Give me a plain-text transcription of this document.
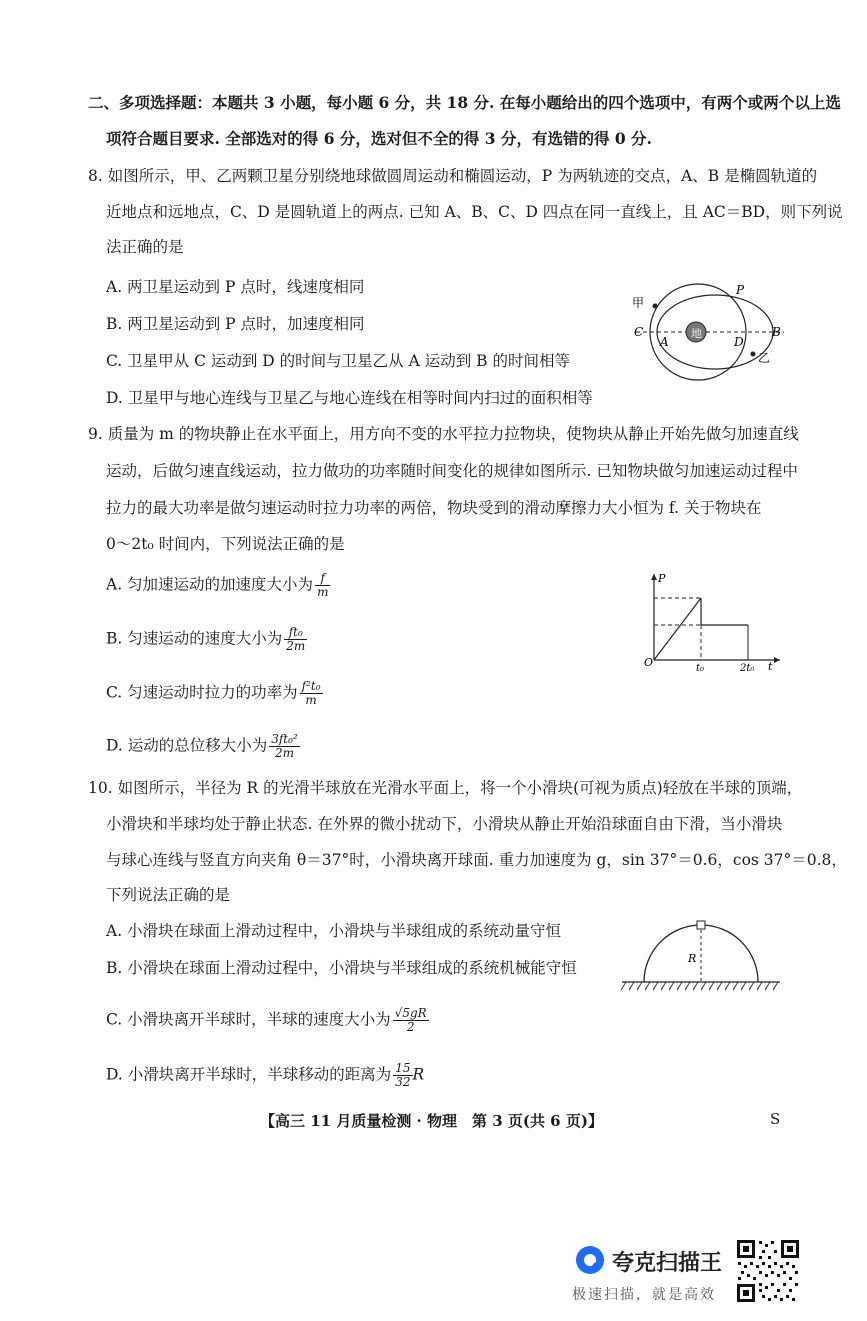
二、多项选择题：本题共 3 小题，每小题 6 分，共 18 分. 在每小题给出的四个选项中，有两个或两个以上选
项符合题目要求. 全部选对的得 6 分，选对但不全的得 3 分，有选错的得 0 分.
8. 如图所示，甲、乙两颗卫星分别绕地球做圆周运动和椭圆运动，P 为两轨迹的交点，A、B 是椭圆轨道的
近地点和远地点，C、D 是圆轨道上的两点. 已知 A、B、C、D 四点在同一直线上，且 AC＝BD，则下列说
法正确的是
A. 两卫星运动到 P 点时，线速度相同
B. 两卫星运动到 P 点时，加速度相同
C. 卫星甲从 C 运动到 D 的时间与卫星乙从 A 运动到 B 的时间相等
D. 卫星甲与地心连线与卫星乙与地心连线在相等时间内扫过的面积相等
地
甲
乙
P
C
A	D
B
9. 质量为 m 的物块静止在水平面上，用方向不变的水平拉力拉物块，使物块从静止开始先做匀加速直线
运动，后做匀速直线运动，拉力做功的功率随时间变化的规律如图所示. 已知物块做匀加速运动过程中
拉力的最大功率是做匀速运动时拉力功率的两倍，物块受到的滑动摩擦力大小恒为 f. 关于物块在
0～2t₀ 时间内，下列说法正确的是
A. 匀加速运动的加速度大小为 $\frac{f}{m}$
B. 匀速运动的速度大小为 $\frac{\text{ft₀}}{2m}$
C. 匀速运动时拉力的功率为 $\frac{\text{f²t₀}}{m}$
D. 运动的总位移大小为 $\frac{\text{3ft₀²}}{2m}$
P
O	t₀	2t₀ t
10. 如图所示，半径为 R 的光滑半球放在光滑水平面上，将一个小滑块(可视为质点)轻放在半球的顶端，
小滑块和半球均处于静止状态. 在外界的微小扰动下，小滑块从静止开始沿球面自由下滑，当小滑块
与球心连线与竖直方向夹角 θ＝37°时，小滑块离开球面. 重力加速度为 g，sin 37°＝0.6，cos 37°＝0.8，
下列说法正确的是
A. 小滑块在球面上滑动过程中，小滑块与半球组成的系统动量守恒
B. 小滑块在球面上滑动过程中，小滑块与半球组成的系统机械能守恒
C. 小滑块离开半球时，半球的速度大小为 $\frac{√5gR}{2}$
D. 小滑块离开半球时，半球移动的距离为 $\frac{15}{32}$ R
R
【高三 11 月质量检测 · 物理　第 3 页(共 6 页)】	S
夸克扫描王
极速扫描，就是高效
